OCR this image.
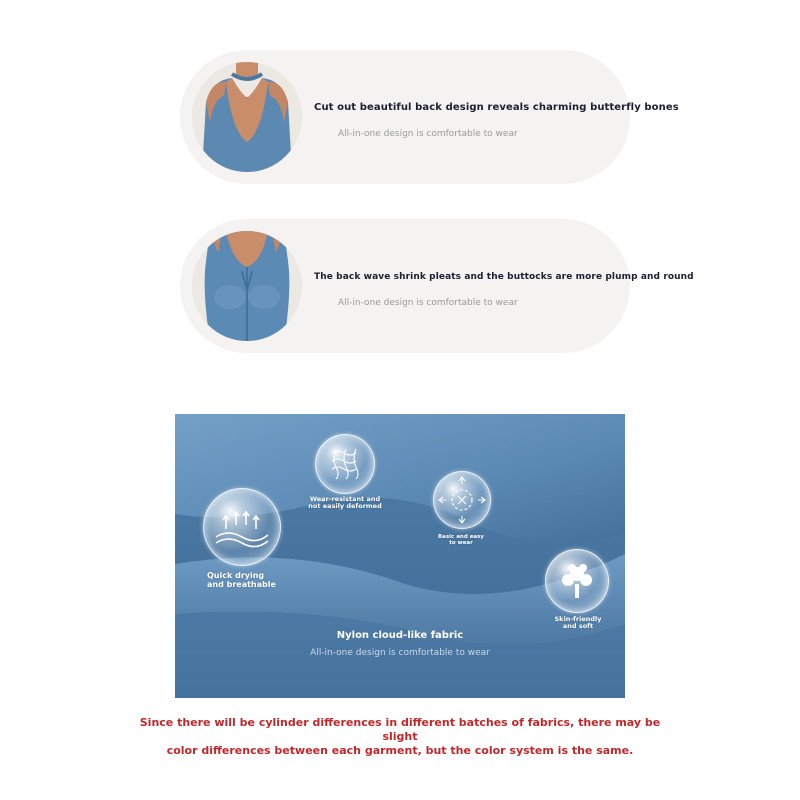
Cut out beautiful back design reveals charming butterfly bones
All-in-one design is comfortable to wear
The back wave shrink pleats and the buttocks are more plump and round
All-in-one design is comfortable to wear
Quick drying
and breathable
Wear-resistant and
not easily deformed
Basic and easy
to wear
Skin-friendly
and soft
Nylon cloud-like fabric
All-in-one design is comfortable to wear
Since there will be cylinder differences in different batches of fabrics, there may be slight
color differences between each garment, but the color system is the same.
